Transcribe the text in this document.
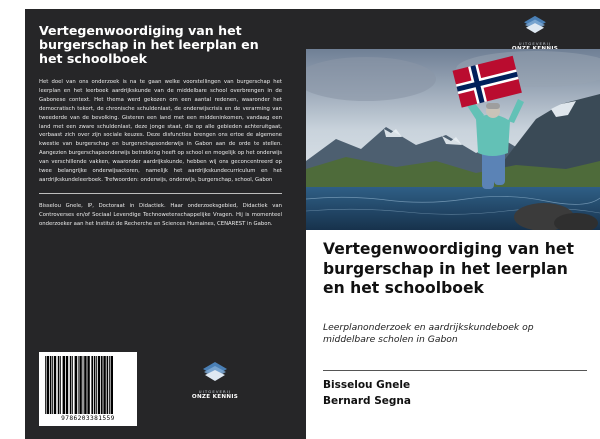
Vertegenwoordiging van het burgerschap in het leerplan en het schoolboek
Het doel van ons onderzoek is na te gaan welke voorstellingen van burgerschap het leerplan en het leerboek aardrijkskunde van de middelbare school overbrengen in de Gabonese context. Het thema werd gekozen om een aantal redenen, waaronder het democratisch tekort, de chronische schuldenlast, de onderwijscrisis en de verarming van tweederde van de bevolking. Gisteren een land met een middeninkomen, vandaag een land met een zware schuldenlast, deze jonge staat, die op alle gebieden achteruitgaat, verbaast zich over zijn sociale keuzes. Deze disfuncties brengen ons ertoe de algemene kwestie van burgerschap en burgerschapsonderwijs in Gabon aan de orde te stellen. Aangezien burgerschapsonderwijs betrekking heeft op school en mogelijk op het onderwijs van verschillende vakken, waaronder aardrijkskunde, hebben wij ons geconcentreerd op twee belangrijke onderwijsactoren, namelijk het aardrijkskundecurriculum en het aardrijkskundeleerboek. Trefwoorden: onderwijs, onderwijs, burgerschap, school, Gabon
Bisselou Gnele, IP, Doctoraat in Didactiek. Haar onderzoeksgebied, Didactiek van Controverses en/of Sociaal Levendige Technowetenschappelijke Vragen. Hij is momenteel onderzoeker aan het Institut de Recherche en Sciences Humaines, CENAREST in Gabon.
9786203381559
UITGEVERIJ
ONZE KENNIS
UITGEVERIJ
Vertegenwoordiging van het burgerschap in het leerplan en het schoolboek
Leerplanonderzoek en aardrijkskundeboek op middelbare scholen in Gabon
Bisselou Gnele
Bernard Segna
